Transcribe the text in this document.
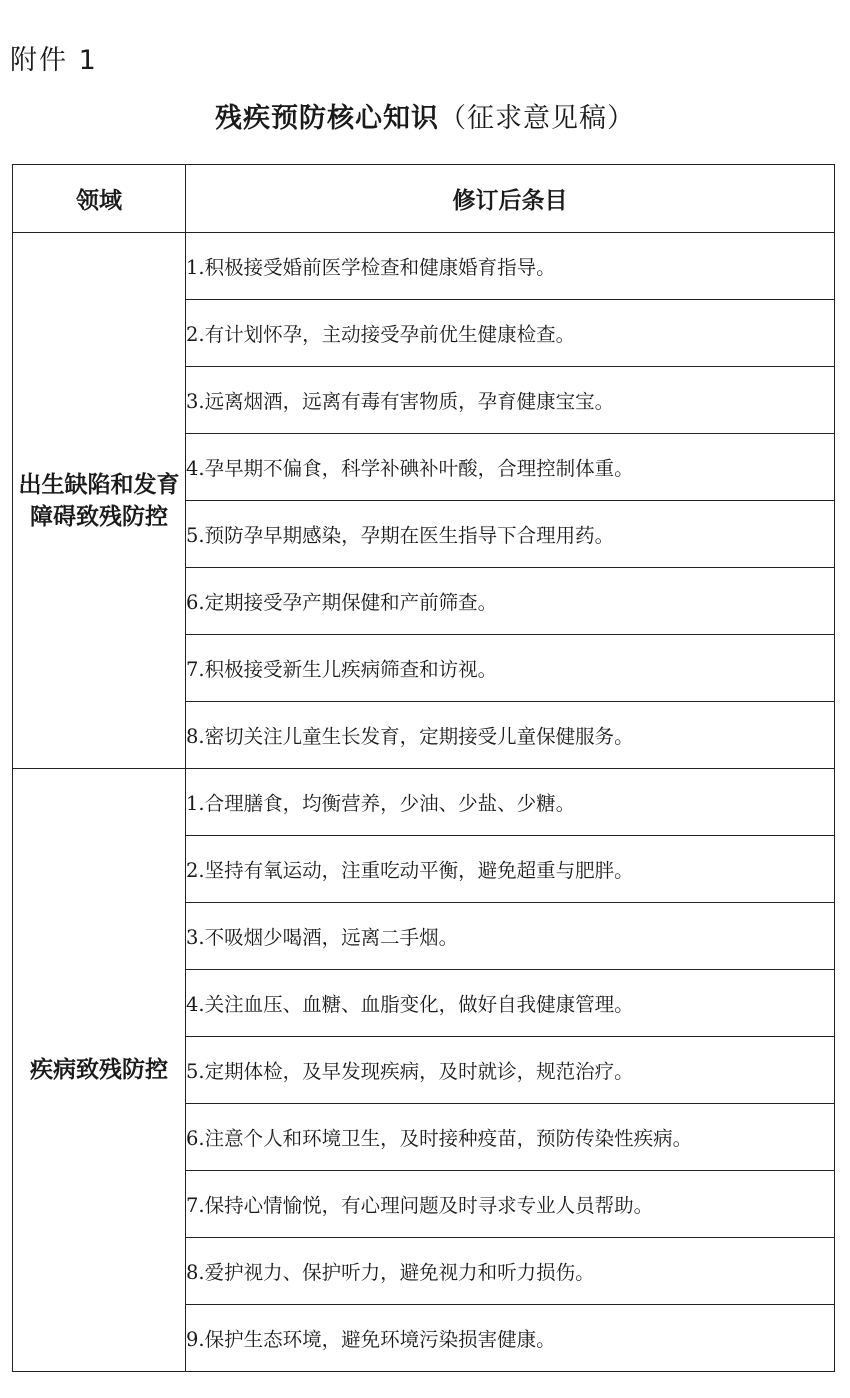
附件 1
残疾预防核心知识（征求意见稿）
领域	修订后条目
出生缺陷和发育障碍致残防控	1.积极接受婚前医学检查和健康婚育指导。
	2.有计划怀孕，主动接受孕前优生健康检查。
	3.远离烟酒，远离有毒有害物质，孕育健康宝宝。
	4.孕早期不偏食，科学补碘补叶酸，合理控制体重。
	5.预防孕早期感染，孕期在医生指导下合理用药。
	6.定期接受孕产期保健和产前筛查。
	7.积极接受新生儿疾病筛查和访视。
	8.密切关注儿童生长发育，定期接受儿童保健服务。
疾病致残防控	1.合理膳食，均衡营养，少油、少盐、少糖。
	2.坚持有氧运动，注重吃动平衡，避免超重与肥胖。
	3.不吸烟少喝酒，远离二手烟。
	4.关注血压、血糖、血脂变化，做好自我健康管理。
	5.定期体检，及早发现疾病，及时就诊，规范治疗。
	6.注意个人和环境卫生，及时接种疫苗，预防传染性疾病。
	7.保持心情愉悦，有心理问题及时寻求专业人员帮助。
	8.爱护视力、保护听力，避免视力和听力损伤。
	9.保护生态环境，避免环境污染损害健康。
